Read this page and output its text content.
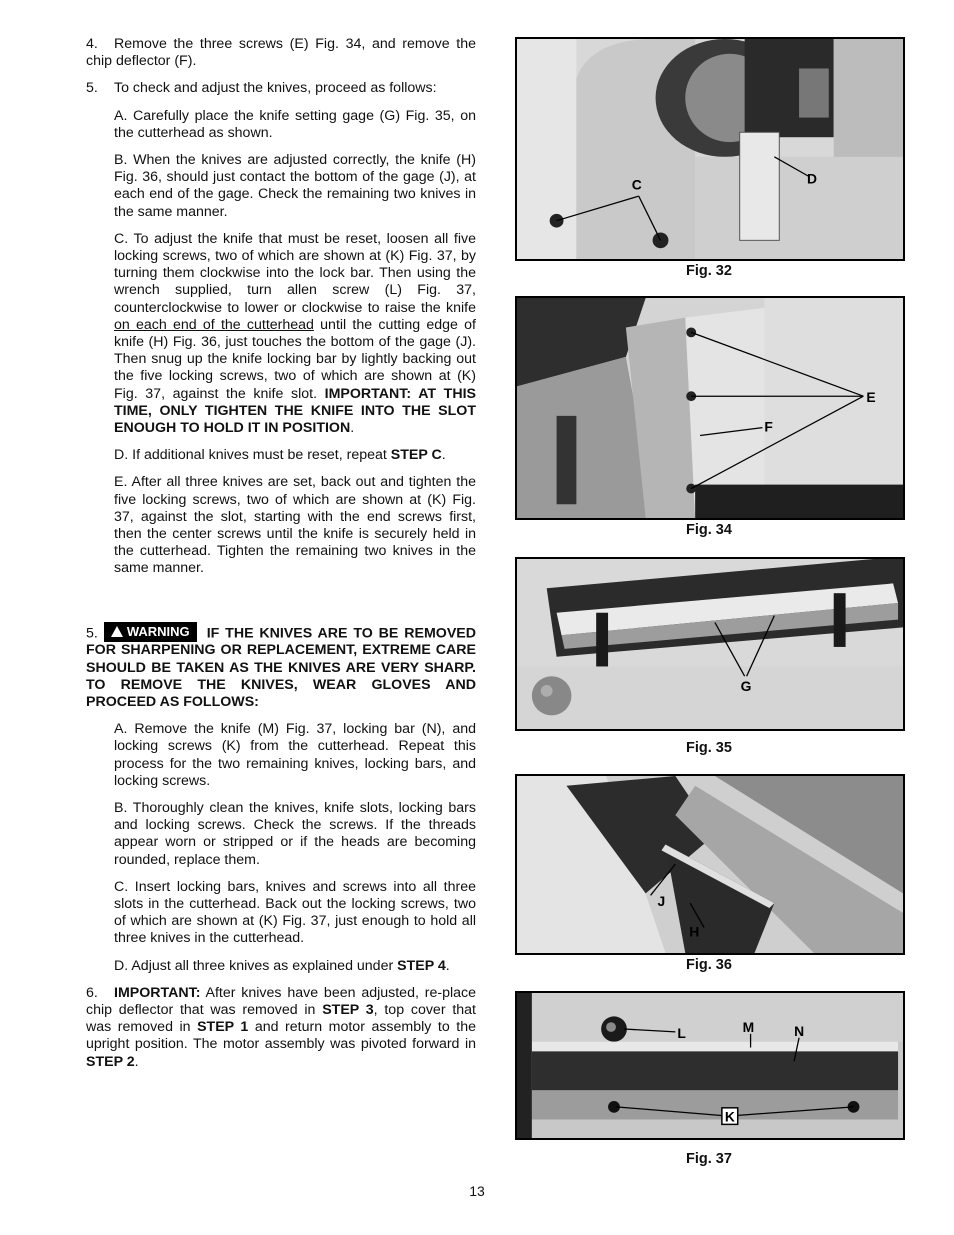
4. Remove the three screws (E) Fig. 34, and remove the chip deflector (F).

5. To check and adjust the knives, proceed as follows:

A. Carefully place the knife setting gage (G) Fig. 35, on the cutterhead as shown.

B. When the knives are adjusted correctly, the knife (H) Fig. 36, should just contact the bottom of the gage (J), at each end of the gage. Check the remaining two knives in the same manner.

C. To adjust the knife that must be reset, loosen all five locking screws, two of which are shown at (K) Fig. 37, by turning them clockwise into the lock bar. Then using the wrench supplied, turn allen screw (L) Fig. 37, counterclockwise to lower or clockwise to raise the knife on each end of the cutterhead until the cutting edge of knife (H) Fig. 36, just touches the bottom of the gage (J). Then snug up the knife locking bar by lightly backing out the five locking screws, two of which are shown at (K) Fig. 37, against the knife slot. IMPORTANT: AT THIS TIME, ONLY TIGHTEN THE KNIFE INTO THE SLOT ENOUGH TO HOLD IT IN POSITION.

D. If additional knives must be reset, repeat STEP C.

E. After all three knives are set, back out and tighten the five locking screws, two of which are shown at (K) Fig. 37, against the slot, starting with the end screws first, then the center screws until the knife is securely held in the cutterhead. Tighten the remaining two knives in the same manner.

5. WARNING IF THE KNIVES ARE TO BE REMOVED FOR SHARPENING OR REPLACEMENT, EXTREME CARE SHOULD BE TAKEN AS THE KNIVES ARE VERY SHARP. TO REMOVE THE KNIVES, WEAR GLOVES AND PROCEED AS FOLLOWS:

A. Remove the knife (M) Fig. 37, locking bar (N), and locking screws (K) from the cutterhead. Repeat this process for the two remaining knives, locking bars, and locking screws.

B. Thoroughly clean the knives, knife slots, locking bars and locking screws. Check the screws. If the threads appear worn or stripped or if the heads are becoming rounded, replace them.

C. Insert locking bars, knives and screws into all three slots in the cutterhead. Back out the locking screws, two of which are shown at (K) Fig. 37, just enough to hold all three knives in the cutterhead.

D. Adjust all three knives as explained under STEP 4.

6. IMPORTANT: After knives have been adjusted, re-place chip deflector that was removed in STEP 3, top cover that was removed in STEP 1 and return motor assembly to the upright position. The motor assembly was pivoted forward in STEP 2.

C	D
Fig. 32
E
F
Fig. 34
G
Fig. 35
J
H
Fig. 36
L	M	N
K
Fig. 37
13
